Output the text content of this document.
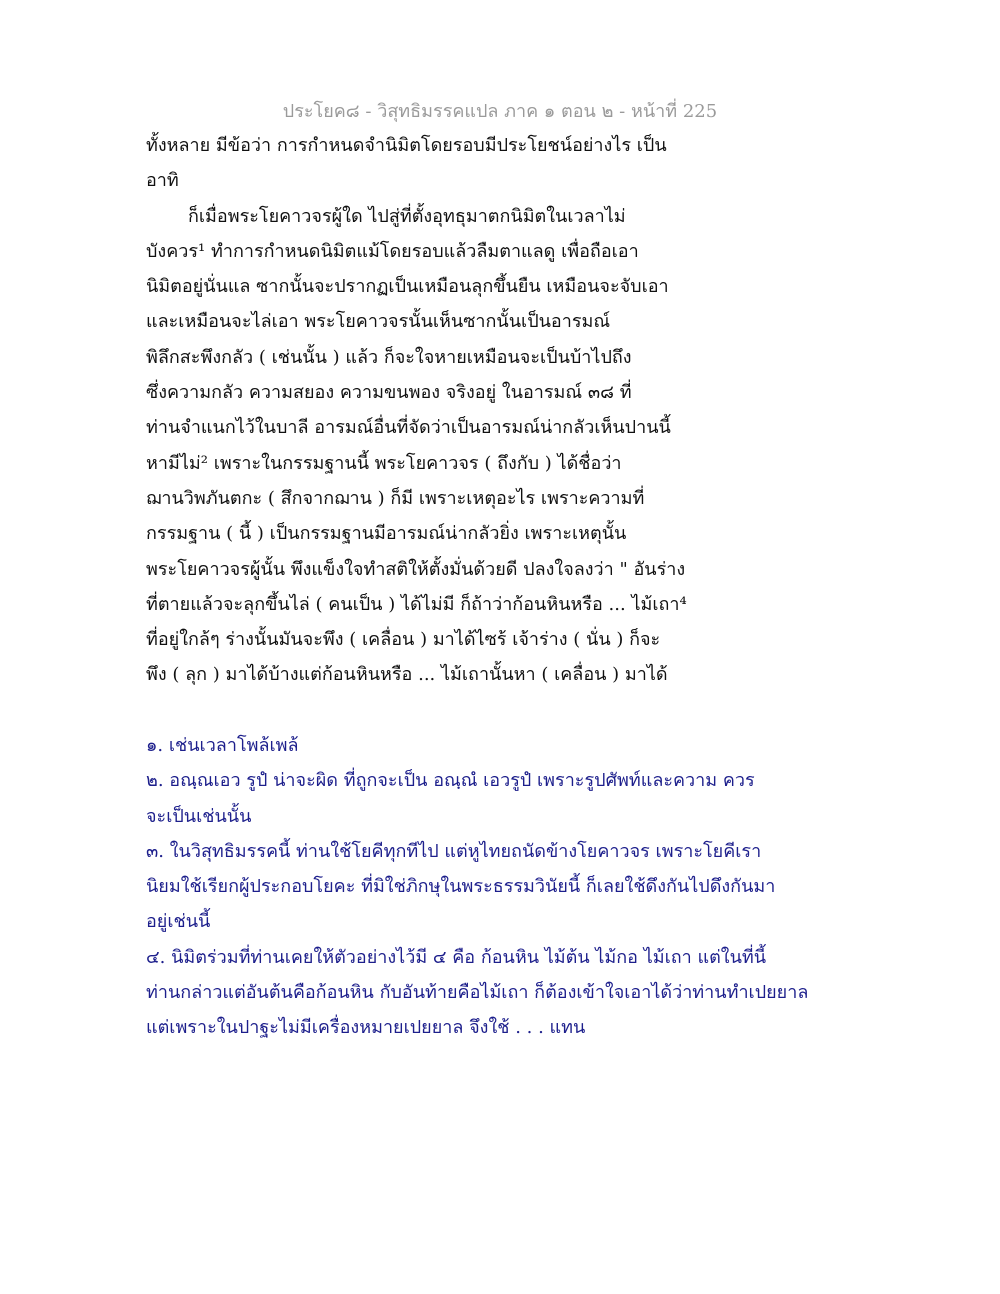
ประโยค๘ - วิสุทธิมรรคแปล ภาค ๑ ตอน ๒ - หน้าที่ 225
ทั้งหลาย มีข้อว่า การกำหนดจำนิมิตโดยรอบมีประโยชน์อย่างไร เป็น
อาทิ
ก็เมื่อพระโยคาวจรผู้ใด ไปสู่ที่ตั้งอุทธุมาตกนิมิตในเวลาไม่
บังควร¹ ทำการกำหนดนิมิตแม้โดยรอบแล้วลืมตาแลดู เพื่อถือเอา
นิมิตอยู่นั่นแล ซากนั้นจะปรากฏเป็นเหมือนลุกขึ้นยืน เหมือนจะจับเอา
และเหมือนจะไล่เอา พระโยคาวจรนั้นเห็นซากนั้นเป็นอารมณ์
พิลึกสะพึงกลัว ( เช่นนั้น ) แล้ว ก็จะใจหายเหมือนจะเป็นบ้าไปถึง
ซึ่งความกลัว ความสยอง ความขนพอง จริงอยู่ ในอารมณ์ ๓๘ ที่
ท่านจำแนกไว้ในบาลี อารมณ์อื่นที่จัดว่าเป็นอารมณ์น่ากลัวเห็นปานนี้
หามีไม่² เพราะในกรรมฐานนี้ พระโยคาวจร ( ถึงกับ ) ได้ชื่อว่า
ฌานวิพภันตกะ ( สึกจากฌาน ) ก็มี เพราะเหตุอะไร เพราะความที่
กรรมฐาน ( นี้ ) เป็นกรรมฐานมีอารมณ์น่ากลัวยิ่ง เพราะเหตุนั้น
พระโยคาวจรผู้นั้น พึงแข็งใจทำสติให้ตั้งมั่นด้วยดี ปลงใจลงว่า " อันร่าง
ที่ตายแล้วจะลุกขึ้นไล่ ( คนเป็น ) ได้ไม่มี ก็ถ้าว่าก้อนหินหรือ ... ไม้เถา⁴
ที่อยู่ใกล้ๆ ร่างนั้นมันจะพึง ( เคลื่อน ) มาได้ไซร้ เจ้าร่าง ( นั่น ) ก็จะ
พึง ( ลุก ) มาได้บ้างแต่ก้อนหินหรือ ... ไม้เถานั้นหา ( เคลื่อน ) มาได้
๑. เช่นเวลาโพล้เพล้
๒. อณฺณเอว รูปํ น่าจะผิด ที่ถูกจะเป็น อณฺณํ เอวรูปํ เพราะรูปศัพท์และความ ควร
จะเป็นเช่นนั้น
๓. ในวิสุทธิมรรคนี้ ท่านใช้โยคีทุกทีไป แต่หูไทยถนัดข้างโยคาวจร เพราะโยคีเรา
นิยมใช้เรียกผู้ประกอบโยคะ ที่มิใช่ภิกษุในพระธรรมวินัยนี้ ก็เลยใช้ดึงกันไปดึงกันมา
อยู่เช่นนี้
๔. นิมิตร่วมที่ท่านเคยให้ตัวอย่างไว้มี ๔ คือ ก้อนหิน ไม้ต้น ไม้กอ ไม้เถา แต่ในที่นี้
ท่านกล่าวแต่อันต้นคือก้อนหิน กับอันท้ายคือไม้เถา ก็ต้องเข้าใจเอาได้ว่าท่านทำเปยยาล
แต่เพราะในปาฐะไม่มีเครื่องหมายเปยยาล จึงใช้ . . . แทน
